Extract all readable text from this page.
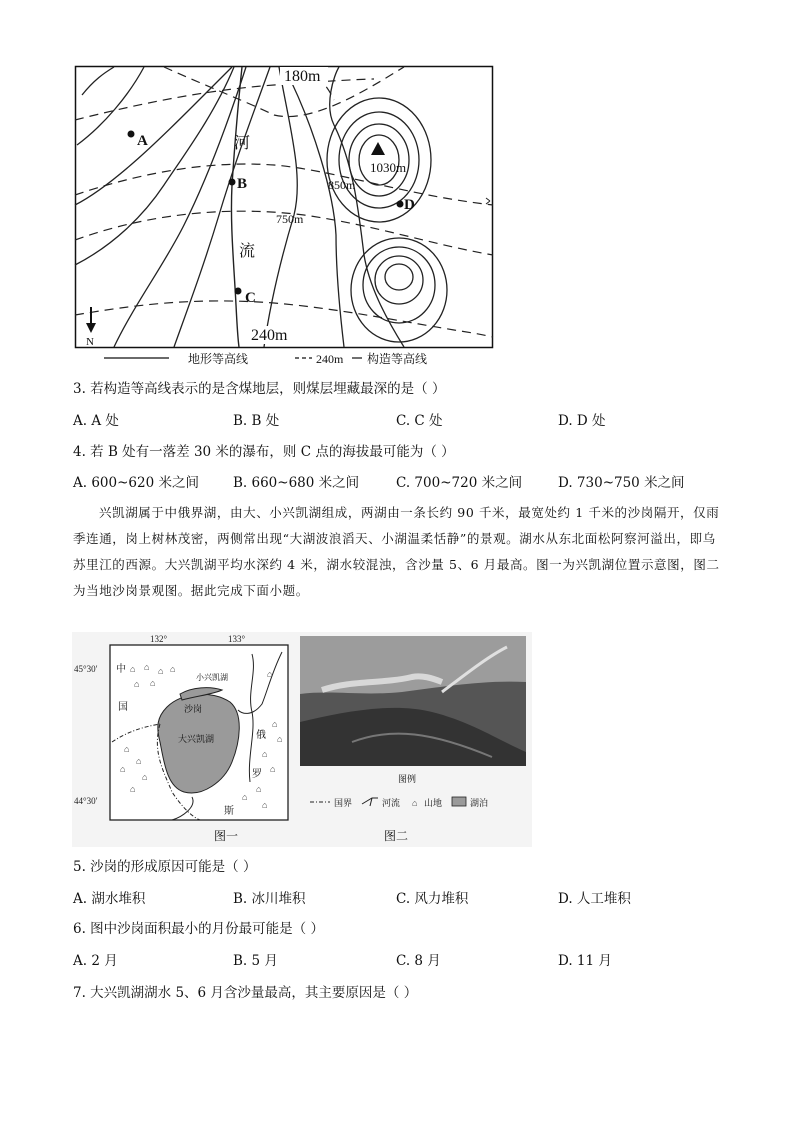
180m
240m
1030m
850m
750m
河
流
A
B
C
D
N
地形等高线	240m 构造等高线
3. 若构造等高线表示的是含煤地层，则煤层埋藏最深的是（ ）
A. A 处	B. B 处	C. C 处	D. D 处
4. 若 B 处有一落差 30 米的瀑布，则 C 点的海拔最可能为（ ）
A. 600~620 米之间	B. 660~680 米之间	C. 700~720 米之间	D. 730~750 米之间
兴凯湖属于中俄界湖，由大、小兴凯湖组成，两湖由一条长约 90 千米，最宽处约 1 千米的沙岗隔开，仅雨季连通，岗上树林茂密，两侧常出现“大湖波浪滔天、小湖温柔恬静”的景观。湖水从东北面松阿察河溢出，即乌苏里江的西源。大兴凯湖平均水深约 4 米，湖水较混浊，含沙量 5、6 月最高。图一为兴凯湖位置示意图，图二为当地沙岗景观图。据此完成下面小题。
132°	133°
45°30′
44°30′
⌂ ⌂ ⌂ ⌂
⌂ ⌂
⌂
⌂
⌂
⌂
⌂
⌂
⌂
⌂
⌂
⌂
⌂
⌂
⌂
小兴凯湖
沙岗
大兴凯湖
中
国
俄
罗
斯
图一
图例
图二
国界	河流 ⌂ 山地	湖泊
5. 沙岗的形成原因可能是（ ）
A. 湖水堆积	B. 冰川堆积	C. 风力堆积	D. 人工堆积
6. 图中沙岗面积最小的月份最可能是（ ）
A. 2 月	B. 5 月	C. 8 月	D. 11 月
7. 大兴凯湖湖水 5、6 月含沙量最高，其主要原因是（ ）
